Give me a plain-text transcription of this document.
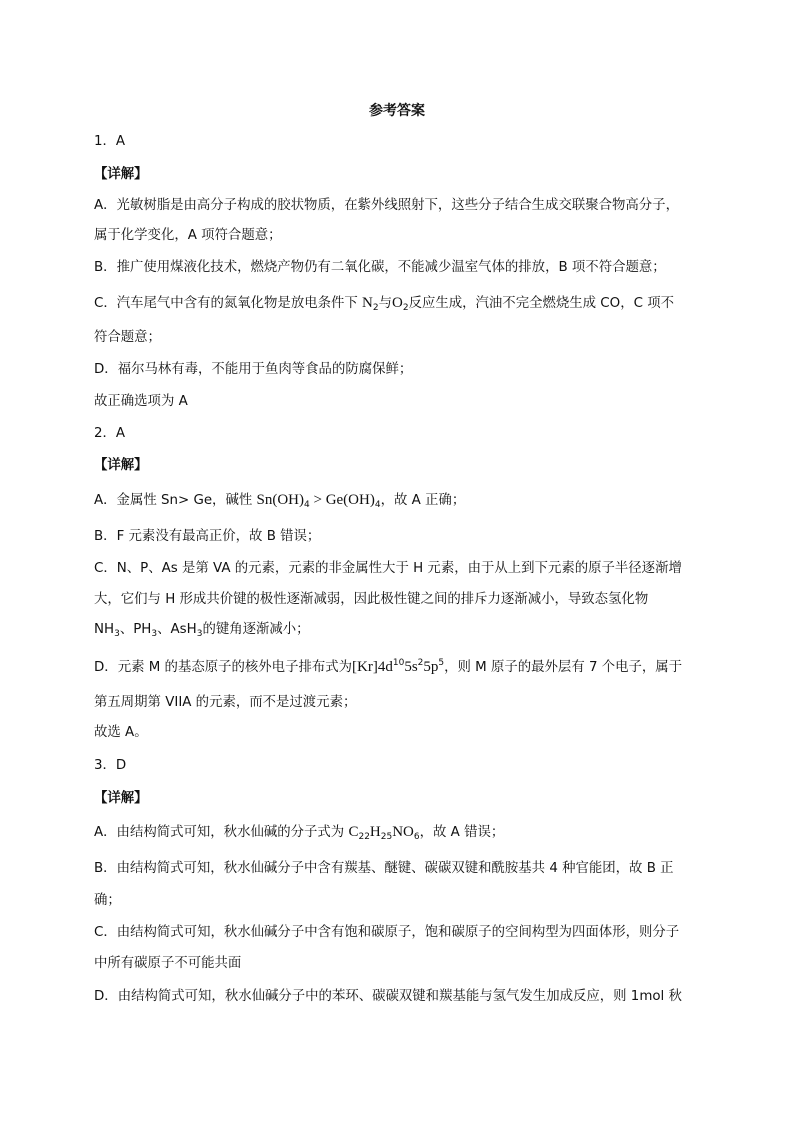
参考答案
1．A
【详解】
A．光敏树脂是由高分子构成的胶状物质，在紫外线照射下，这些分子结合生成交联聚合物高分子，
属于化学变化，A 项符合题意；
B．推广使用煤液化技术，燃烧产物仍有二氧化碳，不能减少温室气体的排放，B 项不符合题意；
C．汽车尾气中含有的氮氧化物是放电条件下 $N_2$与$O_2$反应生成，汽油不完全燃烧生成 CO，C 项不
符合题意；
D．福尔马林有毒，不能用于鱼肉等食品的防腐保鲜；
故正确选项为 A
2．A
【详解】
A．金属性 Sn> Ge，碱性 $Sn(OH)_4 > Ge(OH)_4$，故 A 正确；
B．F 元素没有最高正价，故 B 错误；
C．N、P、As 是第 VA 的元素，元素的非金属性大于 H 元素，由于从上到下元素的原子半径逐渐增
大，它们与 H 形成共价键的极性逐渐减弱，因此极性键之间的排斥力逐渐减小，导致态氢化物
$NH_3$、$PH_3$、AsH$_3$的键角逐渐减小；
D．元素 M 的基态原子的核外电子排布式为$[Kr]4d^{10}5s^25p^5$，则 M 原子的最外层有 7 个电子，属于
第五周期第 VIIA 的元素，而不是过渡元素；
故选 A。
3．D
【详解】
A．由结构简式可知，秋水仙碱的分子式为 $C_{22}H_{25}NO_6$，故 A 错误；
B．由结构简式可知，秋水仙碱分子中含有羰基、醚键、碳碳双键和酰胺基共 4 种官能团，故 B 正
确；
C．由结构简式可知，秋水仙碱分子中含有饱和碳原子，饱和碳原子的空间构型为四面体形，则分子
中所有碳原子不可能共面
D．由结构简式可知，秋水仙碱分子中的苯环、碳碳双键和羰基能与氢气发生加成反应，则 1mol 秋
